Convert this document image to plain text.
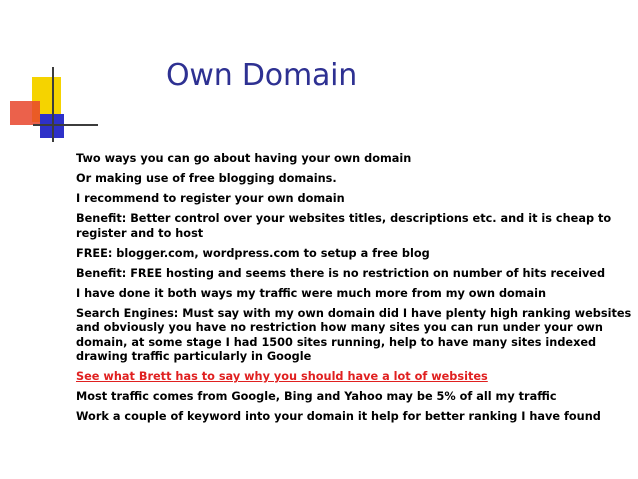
Own Domain

Two ways you can go about having your own domain

Or making use of free blogging domains.

I recommend to register your own domain

Benefit: Better control over your websites titles, descriptions etc. and it is cheap to register and to host

FREE: blogger.com, wordpress.com to setup a free blog

Benefit: FREE hosting and seems there is no restriction on number of hits received

I have done it both ways my traffic were much more from my own domain

Search Engines: Must say with my own domain did I have plenty high ranking websites and obviously you have no restriction how many sites you can run under your own domain, at some stage I had 1500 sites running, help to have many sites indexed drawing traffic particularly in Google

See what Brett has to say why you should have a lot of websites

Most traffic comes from Google, Bing and Yahoo may be 5% of all my traffic

Work a couple of keyword into your domain it help for better ranking I have found
